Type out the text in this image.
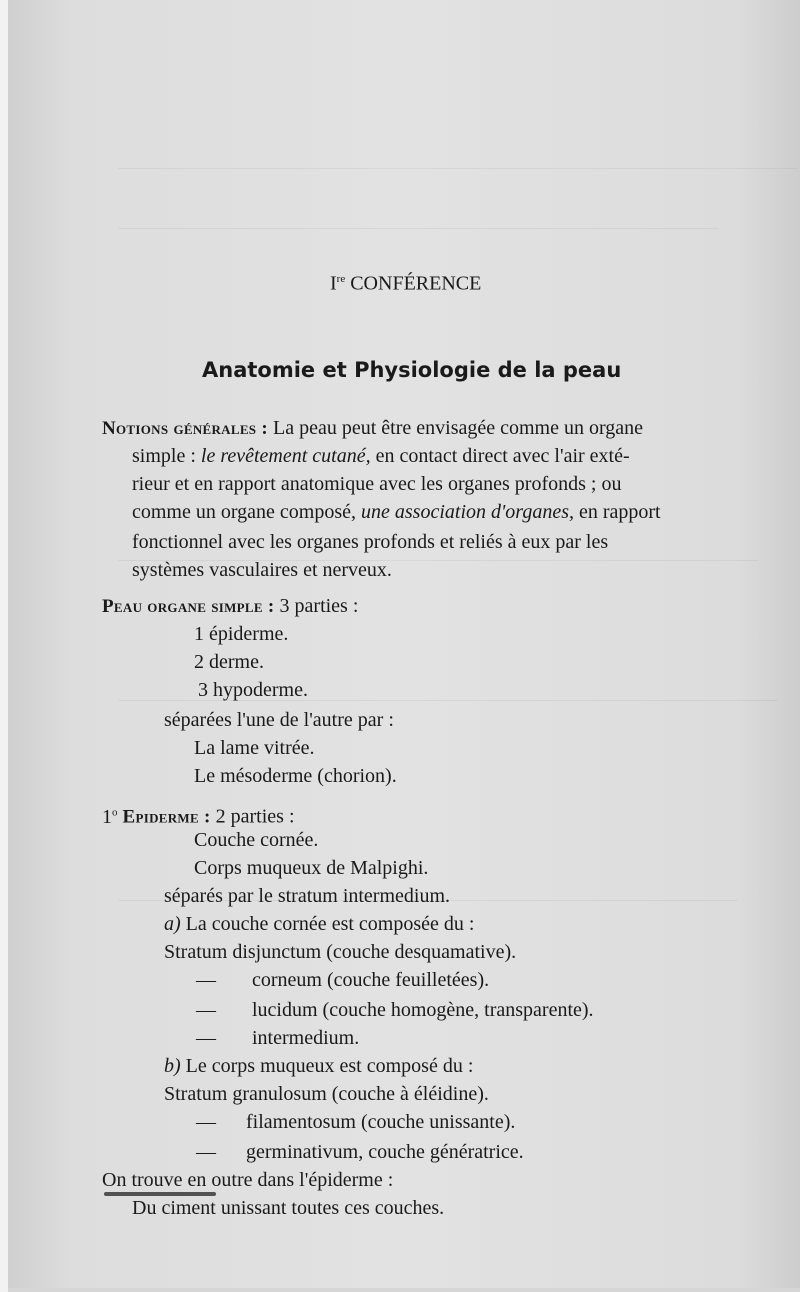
Ire CONFÉRENCE
Anatomie et Physiologie de la peau
Notions générales : La peau peut être envisagée comme un organe
simple : le revêtement cutané, en contact direct avec l'air exté-
rieur et en rapport anatomique avec les organes profonds ; ou
comme un organe composé, une association d'organes, en rapport
fonctionnel avec les organes profonds et reliés à eux par les
systèmes vasculaires et nerveux.
Peau organe simple : 3 parties :
1 épiderme.
2 derme.
3 hypoderme.
séparées l'une de l'autre par :
La lame vitrée.
Le mésoderme (chorion).
1$^o$ Epiderme : 2 parties :
Couche cornée.
Corps muqueux de Malpighi.
séparés par le stratum intermedium.
a) La couche cornée est composée du :
Stratum disjunctum (couche desquamative).
— corneum (couche feuilletées).
— lucidum (couche homogène, transparente).
— intermedium.
b) Le corps muqueux est composé du :
Stratum granulosum (couche à éléidine).
— filamentosum (couche unissante).
— germinativum, couche génératrice.
On trouve en outre dans l'épiderme :
Du ciment unissant toutes ces couches.
